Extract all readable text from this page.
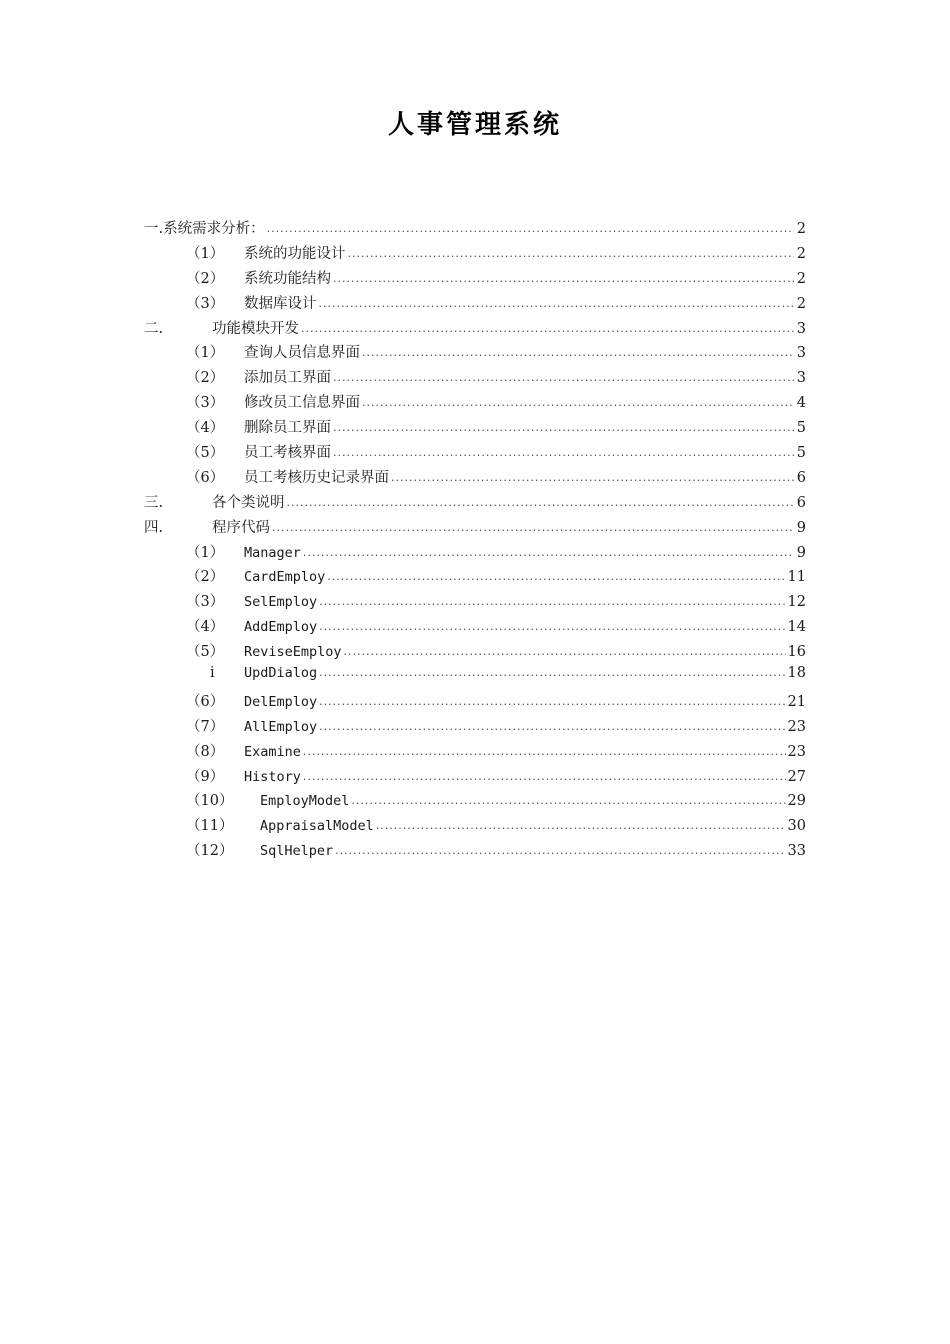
人事管理系统
一. 系统需求分析： .....	2
（1）	系统的功能设计 .....	2
（2）	系统功能结构 .....	2
（3）	数据库设计 .....	2
二.	功能模块开发 .....	3
（1）	查询人员信息界面 .....	3
（2）	添加员工界面 .....	3
（3）	修改员工信息界面 .....	4
（4）	删除员工界面 .....	5
（5）	员工考核界面 .....	5
（6）	员工考核历史记录界面 .....	6
三.	各个类说明 .....	6
四.	程序代码 .....	9
（1）	Manager .....	9
（2）	CardEmploy .....	11
（3）	SelEmploy .....	12
（4）	AddEmploy .....	14
（5）	ReviseEmploy .....	16
i	UpdDialog .....	18
（6）	DelEmploy .....	21
（7）	AllEmploy .....	23
（8）	Examine .....	23
（9）	History .....	27
（10）	EmployModel .....	29
（11）	AppraisalModel .....	30
（12）	SqlHelper .....	33
